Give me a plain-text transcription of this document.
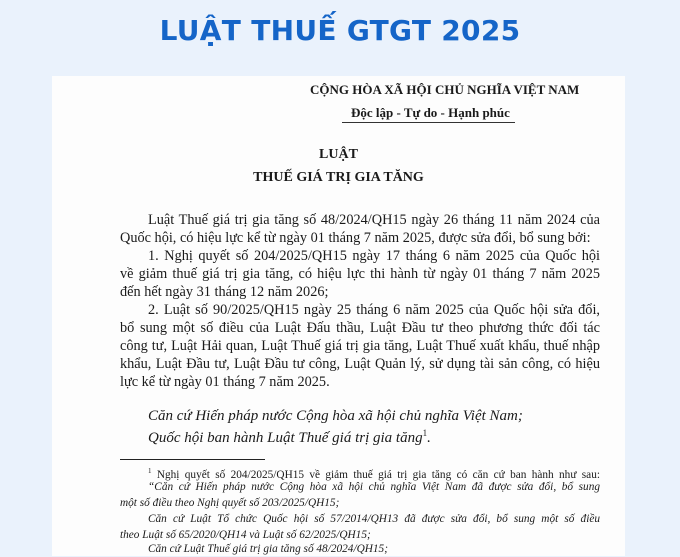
LUẬT THUẾ GTGT 2025
CỘNG HÒA XÃ HỘI CHỦ NGHĨA VIỆT NAM
Độc lập - Tự do - Hạnh phúc
LUẬT
THUẾ GIÁ TRỊ GIA TĂNG
Luật Thuế giá trị gia tăng số 48/2024/QH15 ngày 26 tháng 11 năm 2024 của
Quốc hội, có hiệu lực kể từ ngày 01 tháng 7 năm 2025, được sửa đổi, bổ sung bởi:
1. Nghị quyết số 204/2025/QH15 ngày 17 tháng 6 năm 2025 của Quốc hội
về giảm thuế giá trị gia tăng, có hiệu lực thi hành từ ngày 01 tháng 7 năm 2025
đến hết ngày 31 tháng 12 năm 2026;
2. Luật số 90/2025/QH15 ngày 25 tháng 6 năm 2025 của Quốc hội sửa đổi,
bổ sung một số điều của Luật Đấu thầu, Luật Đầu tư theo phương thức đối tác
công tư, Luật Hải quan, Luật Thuế giá trị gia tăng, Luật Thuế xuất khẩu, thuế nhập
khẩu, Luật Đầu tư, Luật Đầu tư công, Luật Quản lý, sử dụng tài sản công, có hiệu
lực kể từ ngày 01 tháng 7 năm 2025.
Căn cứ Hiến pháp nước Cộng hòa xã hội chủ nghĩa Việt Nam;
Quốc hội ban hành Luật Thuế giá trị gia tăng$^1$.
$^1$ Nghị quyết số 204/2025/QH15 về giảm thuế giá trị gia tăng có căn cứ ban hành như sau:
“Căn cứ Hiến pháp nước Cộng hòa xã hội chủ nghĩa Việt Nam đã được sửa đổi, bổ sung
một số điều theo Nghị quyết số 203/2025/QH15;
Căn cứ Luật Tổ chức Quốc hội số 57/2014/QH13 đã được sửa đổi, bổ sung một số điều
theo Luật số 65/2020/QH14 và Luật số 62/2025/QH15;
Căn cứ Luật Thuế giá trị gia tăng số 48/2024/QH15;
